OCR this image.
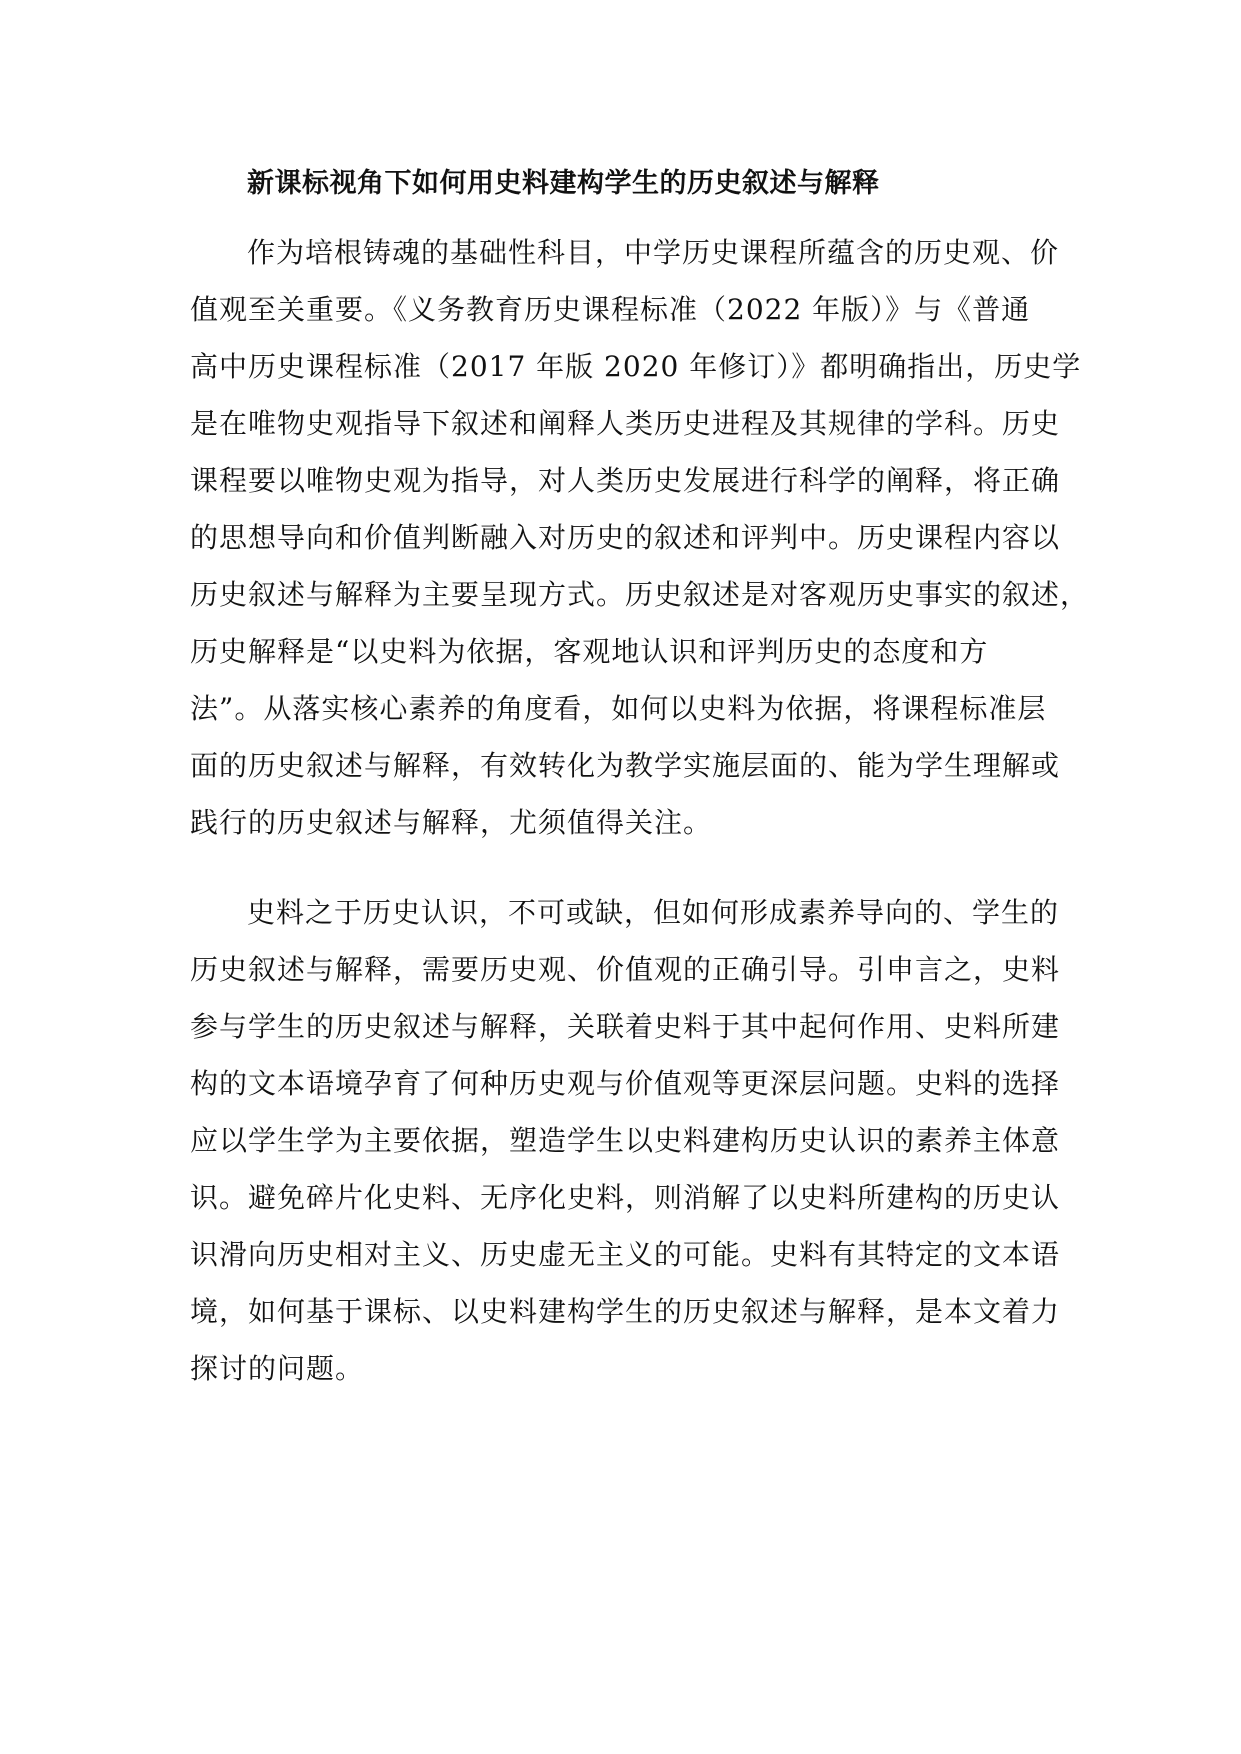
新课标视角下如何用史料建构学生的历史叙述与解释
作为培根铸魂的基础性科目，中学历史课程所蕴含的历史观、价
值观至关重要。《义务教育历史课程标准（2022 年版）》与《普通
高中历史课程标准（2017 年版 2020 年修订）》都明确指出，历史学
是在唯物史观指导下叙述和阐释人类历史进程及其规律的学科。历史
课程要以唯物史观为指导，对人类历史发展进行科学的阐释，将正确
的思想导向和价值判断融入对历史的叙述和评判中。历史课程内容以
历史叙述与解释为主要呈现方式。历史叙述是对客观历史事实的叙述，
历史解释是“以史料为依据，客观地认识和评判历史的态度和方
法”。从落实核心素养的角度看，如何以史料为依据，将课程标准层
面的历史叙述与解释，有效转化为教学实施层面的、能为学生理解或
践行的历史叙述与解释，尤须值得关注。
史料之于历史认识，不可或缺，但如何形成素养导向的、学生的
历史叙述与解释，需要历史观、价值观的正确引导。引申言之，史料
参与学生的历史叙述与解释，关联着史料于其中起何作用、史料所建
构的文本语境孕育了何种历史观与价值观等更深层问题。史料的选择
应以学生学为主要依据，塑造学生以史料建构历史认识的素养主体意
识。避免碎片化史料、无序化史料，则消解了以史料所建构的历史认
识滑向历史相对主义、历史虚无主义的可能。史料有其特定的文本语
境，如何基于课标、以史料建构学生的历史叙述与解释，是本文着力
探讨的问题。
